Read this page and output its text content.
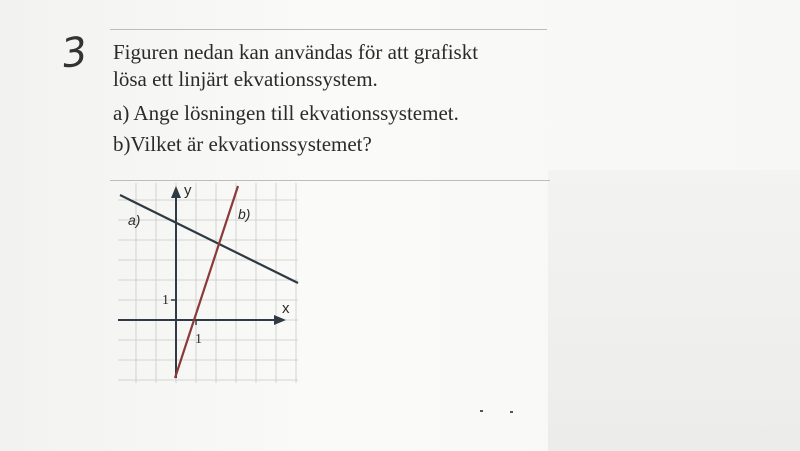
3 Figuren nedan kan användas för att grafiskt
lösa ett linjärt ekvationssystem.
a) Ange lösningen till ekvationssystemet.
b)Vilket är ekvationssystemet?
y
x
1
1
a)	b)
